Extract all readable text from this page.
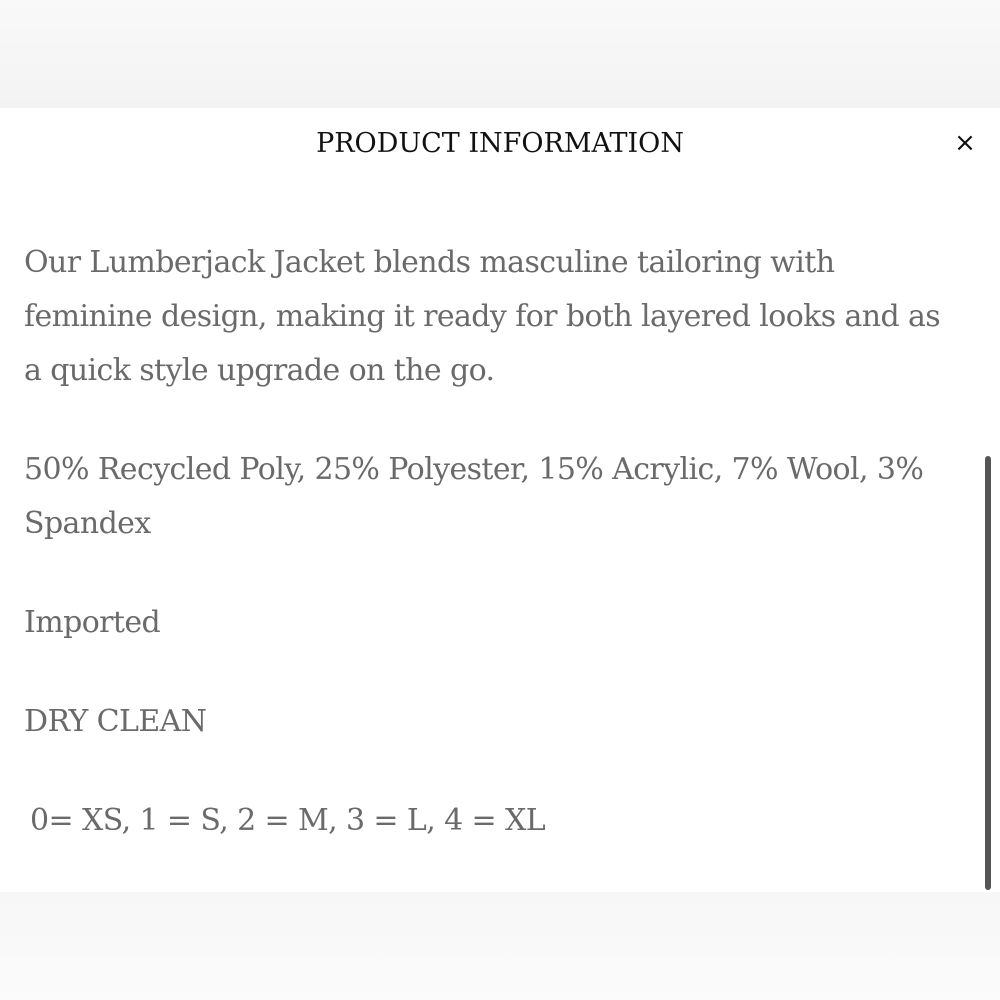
PRODUCT INFORMATION	×

Our Lumberjack Jacket blends masculine tailoring with feminine design, making it ready for both layered looks and as a quick style upgrade on the go.

50% Recycled Poly, 25% Polyester, 15% Acrylic, 7% Wool, 3% Spandex

Imported

DRY CLEAN

0= XS, 1 = S, 2 = M, 3 = L, 4 = XL
